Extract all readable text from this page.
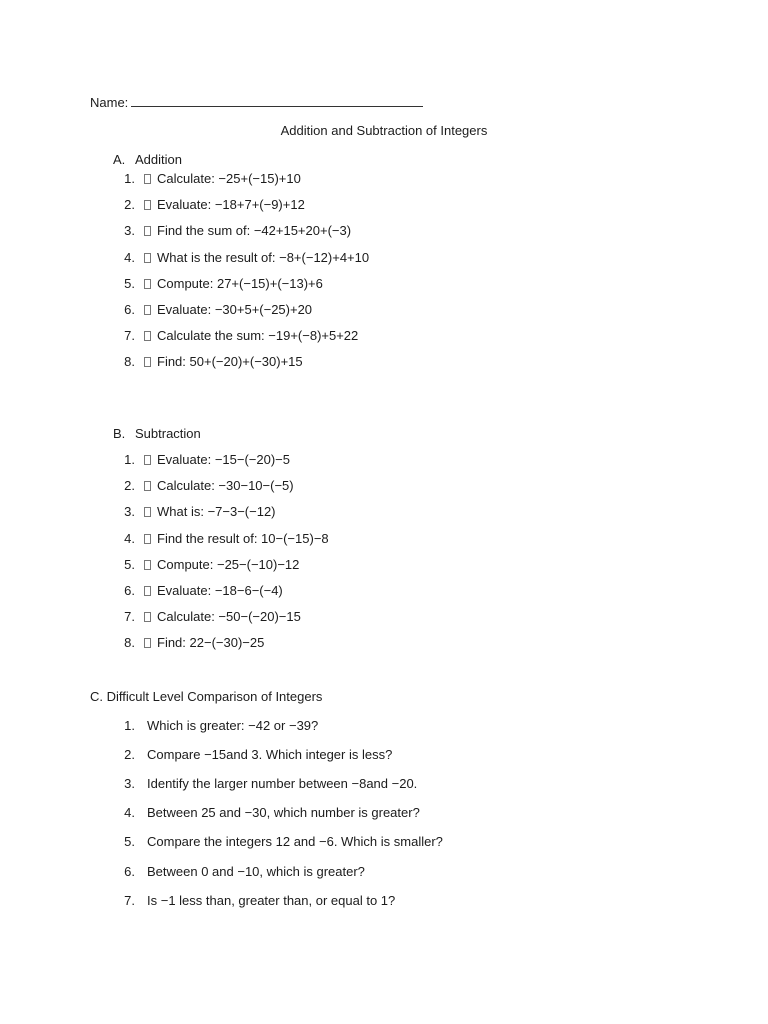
Name:
Addition and Subtraction of Integers
A. Addition
1. Calculate: −25+(−15)+10
2. Evaluate: −18+7+(−9)+12
3. Find the sum of: −42+15+20+(−3)
4. What is the result of: −8+(−12)+4+10
5. Compute: 27+(−15)+(−13)+6
6. Evaluate: −30+5+(−25)+20
7. Calculate the sum: −19+(−8)+5+22
8. Find: 50+(−20)+(−30)+15
B. Subtraction
1. Evaluate: −15−(−20)−5
2. Calculate: −30−10−(−5)
3. What is: −7−3−(−12)
4. Find the result of: 10−(−15)−8
5. Compute: −25−(−10)−12
6. Evaluate: −18−6−(−4)
7. Calculate: −50−(−20)−15
8. Find: 22−(−30)−25
C. Difficult Level Comparison of Integers
1. Which is greater: −42 or −39?
2. Compare −15and 3. Which integer is less?
3. Identify the larger number between −8and −20.
4. Between 25 and −30, which number is greater?
5. Compare the integers 12 and −6. Which is smaller?
6. Between 0 and −10, which is greater?
7. Is −1 less than, greater than, or equal to 1?
